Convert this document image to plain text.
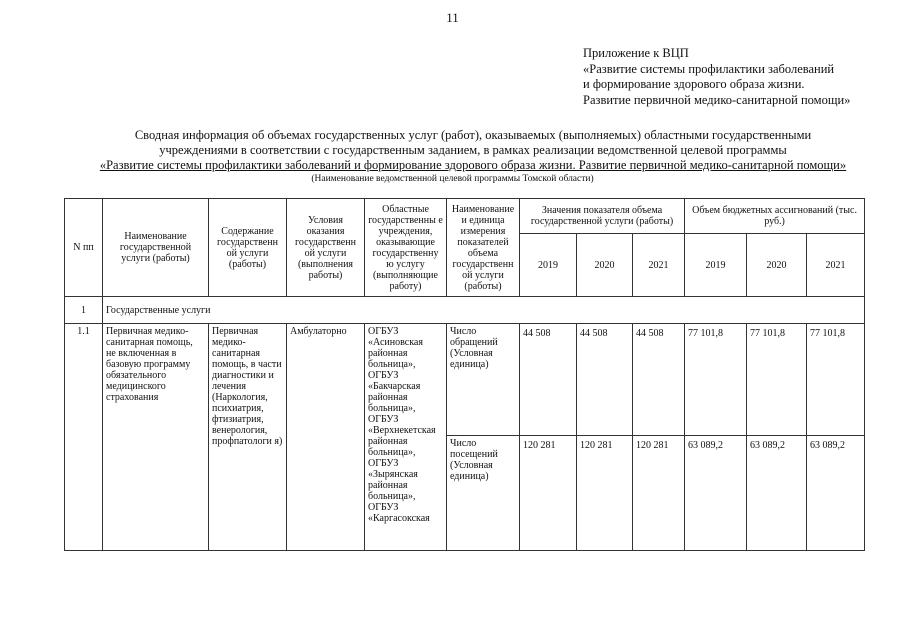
11
Приложение к ВЦП
«Развитие системы профилактики заболеваний
и формирование здорового образа жизни.
Развитие первичной медико-санитарной помощи»
Сводная информация об объемах государственных услуг (работ), оказываемых (выполняемых) областными государственными
учреждениями в соответствии с государственным заданием, в рамках реализации ведомственной целевой программы
«Развитие системы профилактики заболеваний и формирование здорового образа жизни. Развитие первичной медико-санитарной помощи»
(Наименование ведомственной целевой программы Томской области)
N пп	Наименование государственной услуги (работы)	Содержание государственн ой услуги (работы)	Условия оказания государственн ой услуги (выполнения работы)	Областные государственны е учреждения, оказывающие государственну ю услугу (выполняющие работу)	Наименование и единица измерения показателей объема государственн ой услуги (работы)	Значения показателя объема государственной услуги (работы)			Объем бюджетных ассигнований (тыс. руб.)		
						2019	2020	2021	2019	2020	2021
1	Государственные услуги										
1.1	Первичная медико-санитарная помощь, не включенная в базовую программу обязательного медицинского страхования	Первичная медико-санитарная помощь, в части диагностики и лечения (Наркология, психиатрия, фтизиатрия, венерология, профпатологи я)	Амбулаторно	ОГБУЗ «Асиновская районная больница», ОГБУЗ «Бакчарская районная больница», ОГБУЗ «Верхнекетская районная больница», ОГБУЗ «Зырянская районная больница», ОГБУЗ «Каргасокская	Число обращений (Условная единица)	44 508	44 508	44 508	77 101,8	77 101,8	77 101,8
					Число посещений (Условная единица)	120 281	120 281	120 281	63 089,2	63 089,2	63 089,2
